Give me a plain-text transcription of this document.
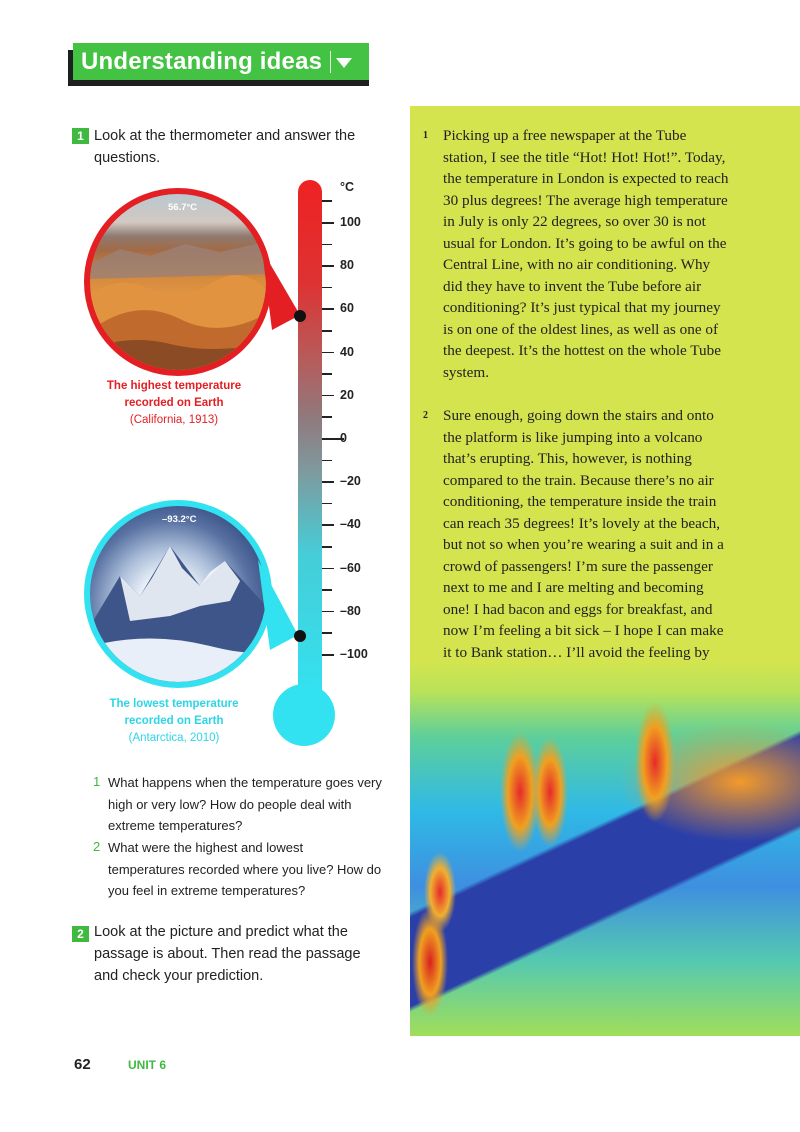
Understanding ideas
1 Look at the thermometer and answer the questions.
°C
100
80
60
40
20
0
–20
–40
–60
–80
–100
56.7°C
The highest temperature
recorded on Earth
(California, 1913)
–93.2°C
The lowest temperature
recorded on Earth
(Antarctica, 2010)
1 What happens when the temperature goes very high or very low? How do people deal with extreme temperatures?
2 What were the highest and lowest temperatures recorded where you live? How do you feel in extreme temperatures?
2 Look at the picture and predict what the passage is about. Then read the passage and check your prediction.
1 Picking up a free newspaper at the Tube station, I see the title “Hot! Hot! Hot!”. Today, the temperature in London is expected to reach 30 plus degrees! The average high temperature in July is only 22 degrees, so over 30 is not usual for London. It’s going to be awful on the Central Line, with no air conditioning. Why did they have to invent the Tube before air conditioning? It’s just typical that my journey is on one of the oldest lines, as well as one of the deepest. It’s the hottest on the whole Tube system.
2 Sure enough, going down the stairs and onto the platform is like jumping into a volcano that’s erupting. This, however, is nothing compared to the train. Because there’s no air conditioning, the temperature inside the train can reach 35 degrees! It’s lovely at the beach, but not so when you’re wearing a suit and in a crowd of passengers! I’m sure the passenger next to me and I are melting and becoming one! I had bacon and eggs for breakfast, and now I’m feeling a bit sick – I hope I can make it to Bank station… I’ll avoid the feeling by
62	UNIT 6
